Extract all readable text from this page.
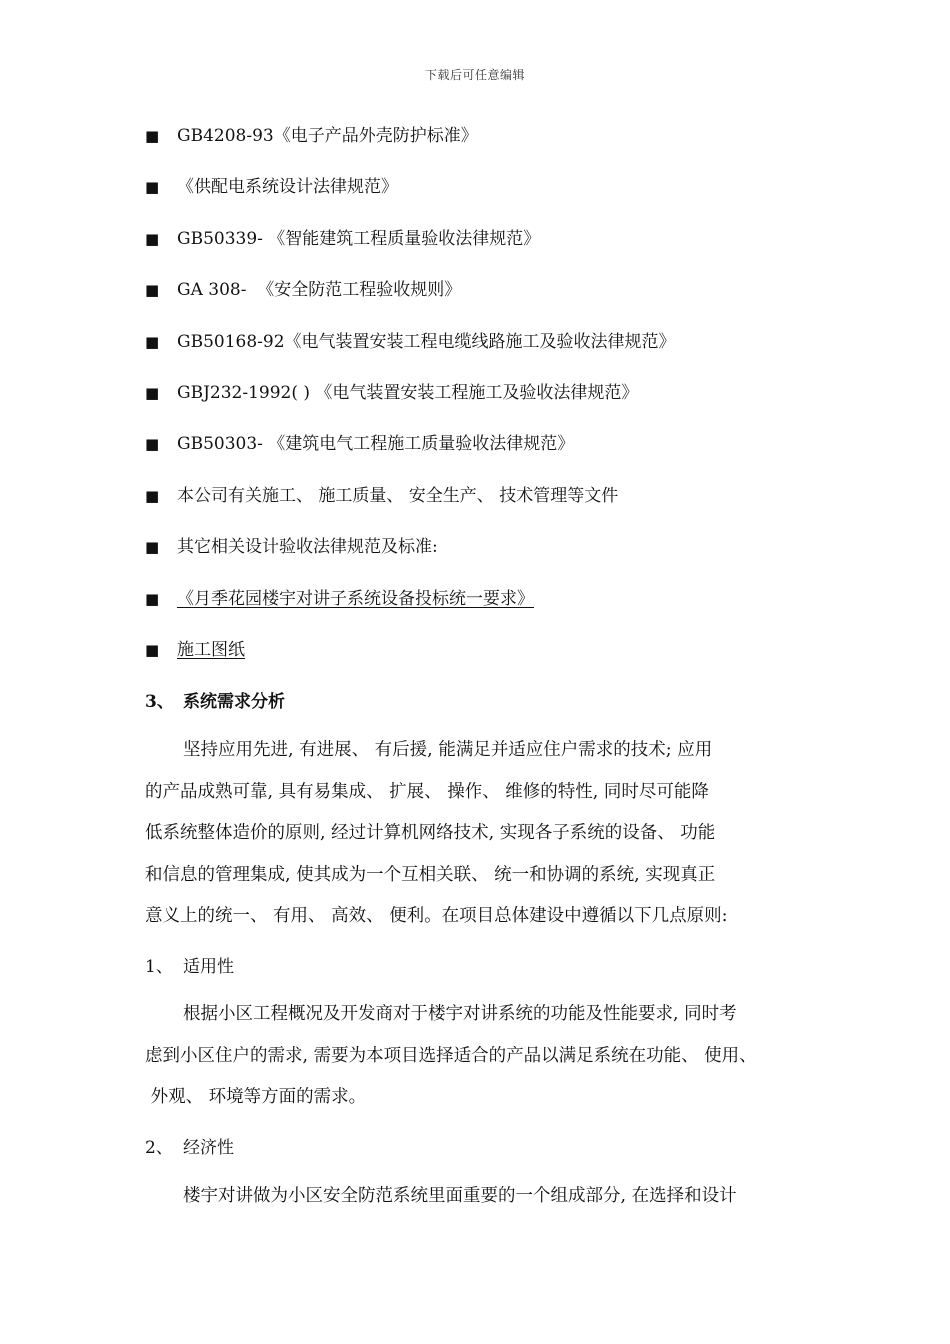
下载后可任意编辑
■	GB4208-93《电子产品外壳防护标准》
■	《供配电系统设计法律规范》
■	GB50339- 《智能建筑工程质量验收法律规范》
■	GA 308-  《安全防范工程验收规则》
■	GB50168-92《电气装置安装工程电缆线路施工及验收法律规范》
■	GBJ232-1992( ) 《电气装置安装工程施工及验收法律规范》
■	GB50303- 《建筑电气工程施工质量验收法律规范》
■	本公司有关施工、 施工质量、 安全生产、 技术管理等文件
■	其它相关设计验收法律规范及标准:
■	《月季花园楼宇对讲子系统设备投标统一要求》
■	施工图纸
3、 系统需求分析
坚持应用先进, 有进展、 有后援, 能满足并适应住户需求的技术; 应用
的产品成熟可靠, 具有易集成、 扩展、 操作、 维修的特性, 同时尽可能降
低系统整体造价的原则, 经过计算机网络技术, 实现各子系统的设备、 功能
和信息的管理集成, 使其成为一个互相关联、 统一和协调的系统, 实现真正
意义上的统一、 有用、 高效、 便利。在项目总体建设中遵循以下几点原则:
1、 适用性
根据小区工程概况及开发商对于楼宇对讲系统的功能及性能要求, 同时考
虑到小区住户的需求, 需要为本项目选择适合的产品以满足系统在功能、 使用、
外观、 环境等方面的需求。
2、 经济性
楼宇对讲做为小区安全防范系统里面重要的一个组成部分, 在选择和设计
